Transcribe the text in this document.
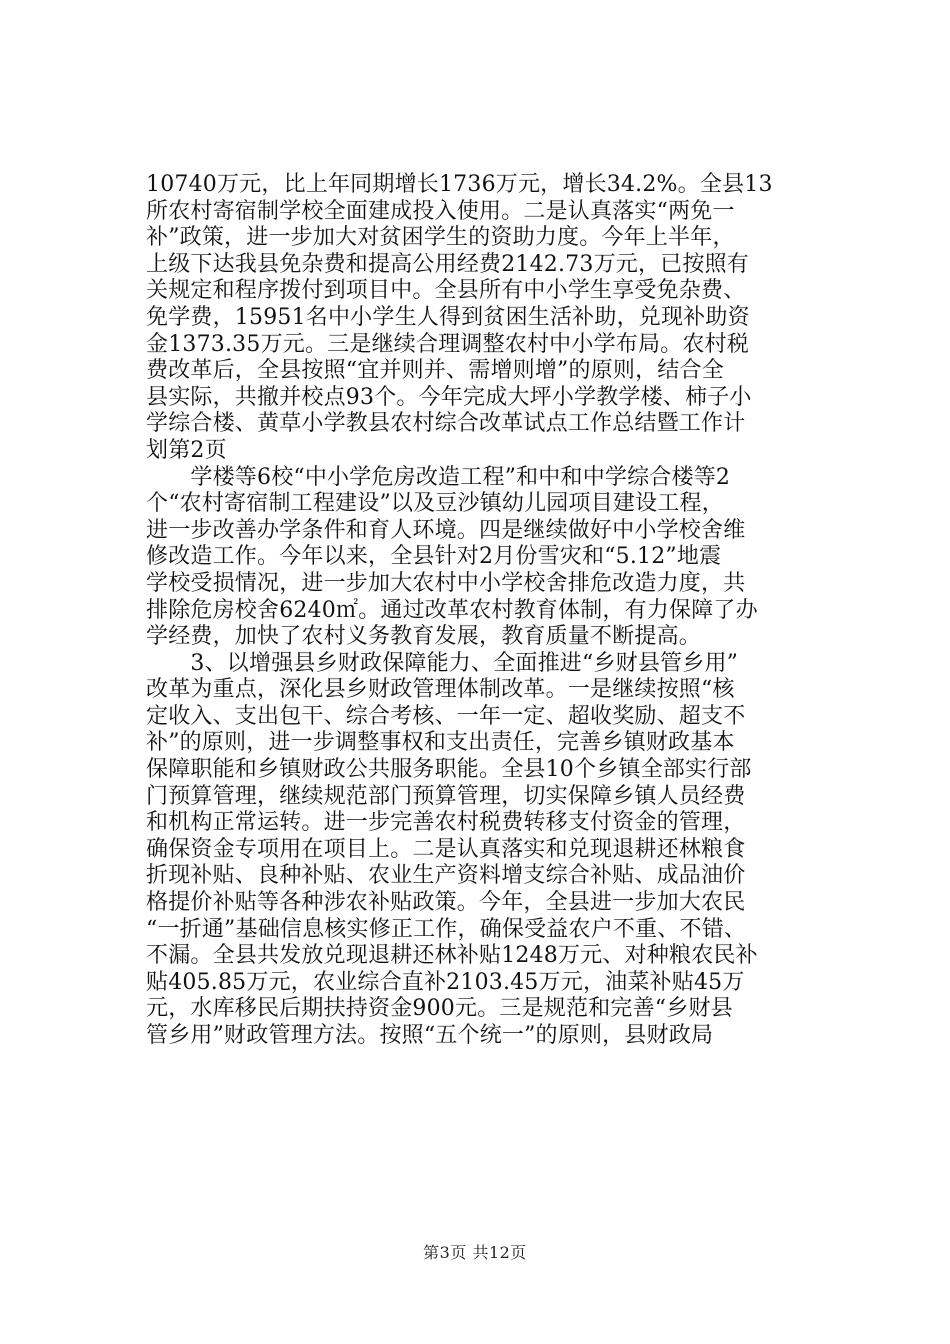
10740万元，比上年同期增长1736万元，增长34.2%。全县13
所农村寄宿制学校全面建成投入使用。二是认真落实“两免一
补”政策，进一步加大对贫困学生的资助力度。今年上半年，
上级下达我县免杂费和提高公用经费2142.73万元，已按照有
关规定和程序拨付到项目中。全县所有中小学生享受免杂费、
免学费，15951名中小学生人得到贫困生活补助，兑现补助资
金1373.35万元。三是继续合理调整农村中小学布局。农村税
费改革后，全县按照“宜并则并、需增则增”的原则，结合全
县实际，共撤并校点93个。今年完成大坪小学教学楼、柿子小
学综合楼、黄草小学教县农村综合改革试点工作总结暨工作计
划第2页
　　学楼等6校“中小学危房改造工程”和中和中学综合楼等2
个“农村寄宿制工程建设”以及豆沙镇幼儿园项目建设工程，
进一步改善办学条件和育人环境。四是继续做好中小学校舍维
修改造工作。今年以来，全县针对2月份雪灾和“5.12”地震
学校受损情况，进一步加大农村中小学校舍排危改造力度，共
排除危房校舍6240㎡。通过改革农村教育体制，有力保障了办
学经费，加快了农村义务教育发展，教育质量不断提高。
　　3、以增强县乡财政保障能力、全面推进“乡财县管乡用”
改革为重点，深化县乡财政管理体制改革。一是继续按照“核
定收入、支出包干、综合考核、一年一定、超收奖励、超支不
补”的原则，进一步调整事权和支出责任，完善乡镇财政基本
保障职能和乡镇财政公共服务职能。全县10个乡镇全部实行部
门预算管理，继续规范部门预算管理，切实保障乡镇人员经费
和机构正常运转。进一步完善农村税费转移支付资金的管理，
确保资金专项用在项目上。二是认真落实和兑现退耕还林粮食
折现补贴、良种补贴、农业生产资料增支综合补贴、成品油价
格提价补贴等各种涉农补贴政策。今年，全县进一步加大农民
“一折通”基础信息核实修正工作，确保受益农户不重、不错、
不漏。全县共发放兑现退耕还林补贴1248万元、对种粮农民补
贴405.85万元，农业综合直补2103.45万元，油菜补贴45万
元，水库移民后期扶持资金900元。三是规范和完善“乡财县
管乡用”财政管理方法。按照“五个统一”的原则，县财政局
第3页 共12页
